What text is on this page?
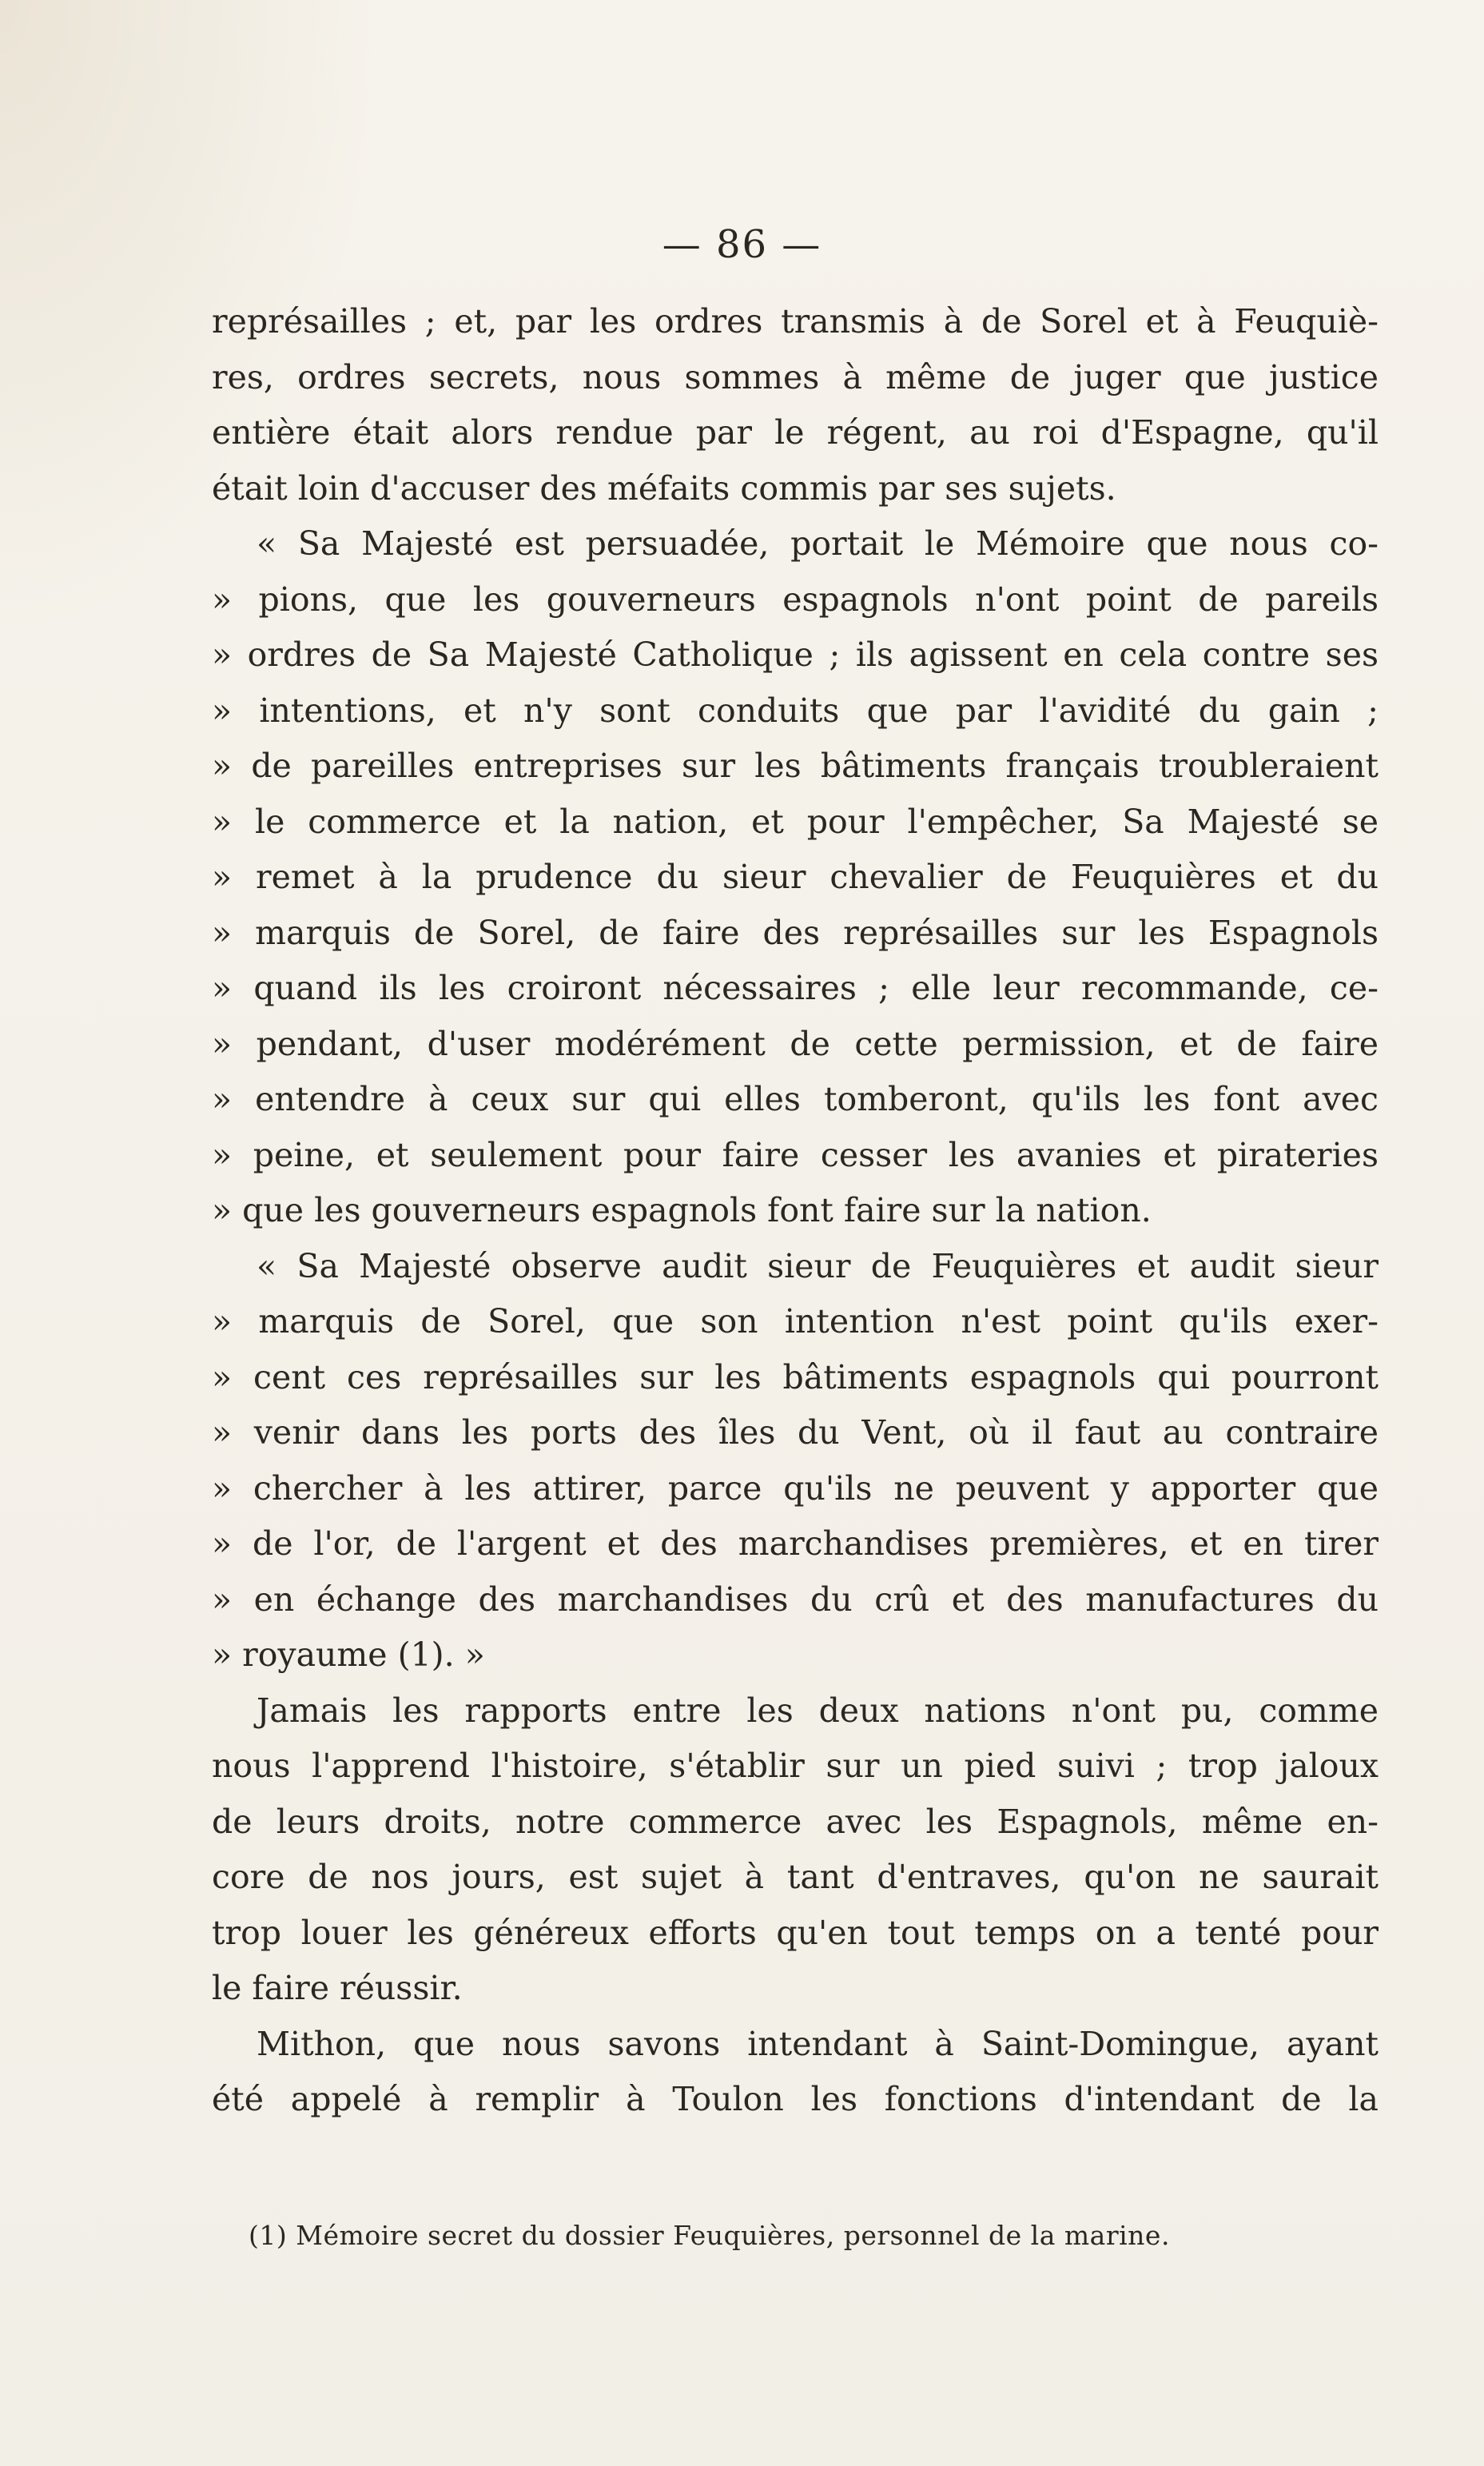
— 86 —
représailles ; et, par les ordres transmis à de Sorel et à Feuquiè-
res, ordres secrets, nous sommes à même de juger que justice
entière était alors rendue par le régent, au roi d'Espagne, qu'il
était loin d'accuser des méfaits commis par ses sujets.
« Sa Majesté est persuadée, portait le Mémoire que nous co-
» pions, que les gouverneurs espagnols n'ont point de pareils
» ordres de Sa Majesté Catholique ; ils agissent en cela contre ses
» intentions, et n'y sont conduits que par l'avidité du gain ;
» de pareilles entreprises sur les bâtiments français troubleraient
» le commerce et la nation, et pour l'empêcher, Sa Majesté se
» remet à la prudence du sieur chevalier de Feuquières et du
» marquis de Sorel, de faire des représailles sur les Espagnols
» quand ils les croiront nécessaires ; elle leur recommande, ce-
» pendant, d'user modérément de cette permission, et de faire
» entendre à ceux sur qui elles tomberont, qu'ils les font avec
» peine, et seulement pour faire cesser les avanies et pirateries
» que les gouverneurs espagnols font faire sur la nation.
« Sa Majesté observe audit sieur de Feuquières et audit sieur
» marquis de Sorel, que son intention n'est point qu'ils exer-
» cent ces représailles sur les bâtiments espagnols qui pourront
» venir dans les ports des îles du Vent, où il faut au contraire
» chercher à les attirer, parce qu'ils ne peuvent y apporter que
» de l'or, de l'argent et des marchandises premières, et en tirer
» en échange des marchandises du crû et des manufactures du
» royaume (1). »
Jamais les rapports entre les deux nations n'ont pu, comme
nous l'apprend l'histoire, s'établir sur un pied suivi ; trop jaloux
de leurs droits, notre commerce avec les Espagnols, même en-
core de nos jours, est sujet à tant d'entraves, qu'on ne saurait
trop louer les généreux efforts qu'en tout temps on a tenté pour
le faire réussir.
Mithon, que nous savons intendant à Saint-Domingue, ayant
été appelé à remplir à Toulon les fonctions d'intendant de la
(1) Mémoire secret du dossier Feuquières, personnel de la marine.
